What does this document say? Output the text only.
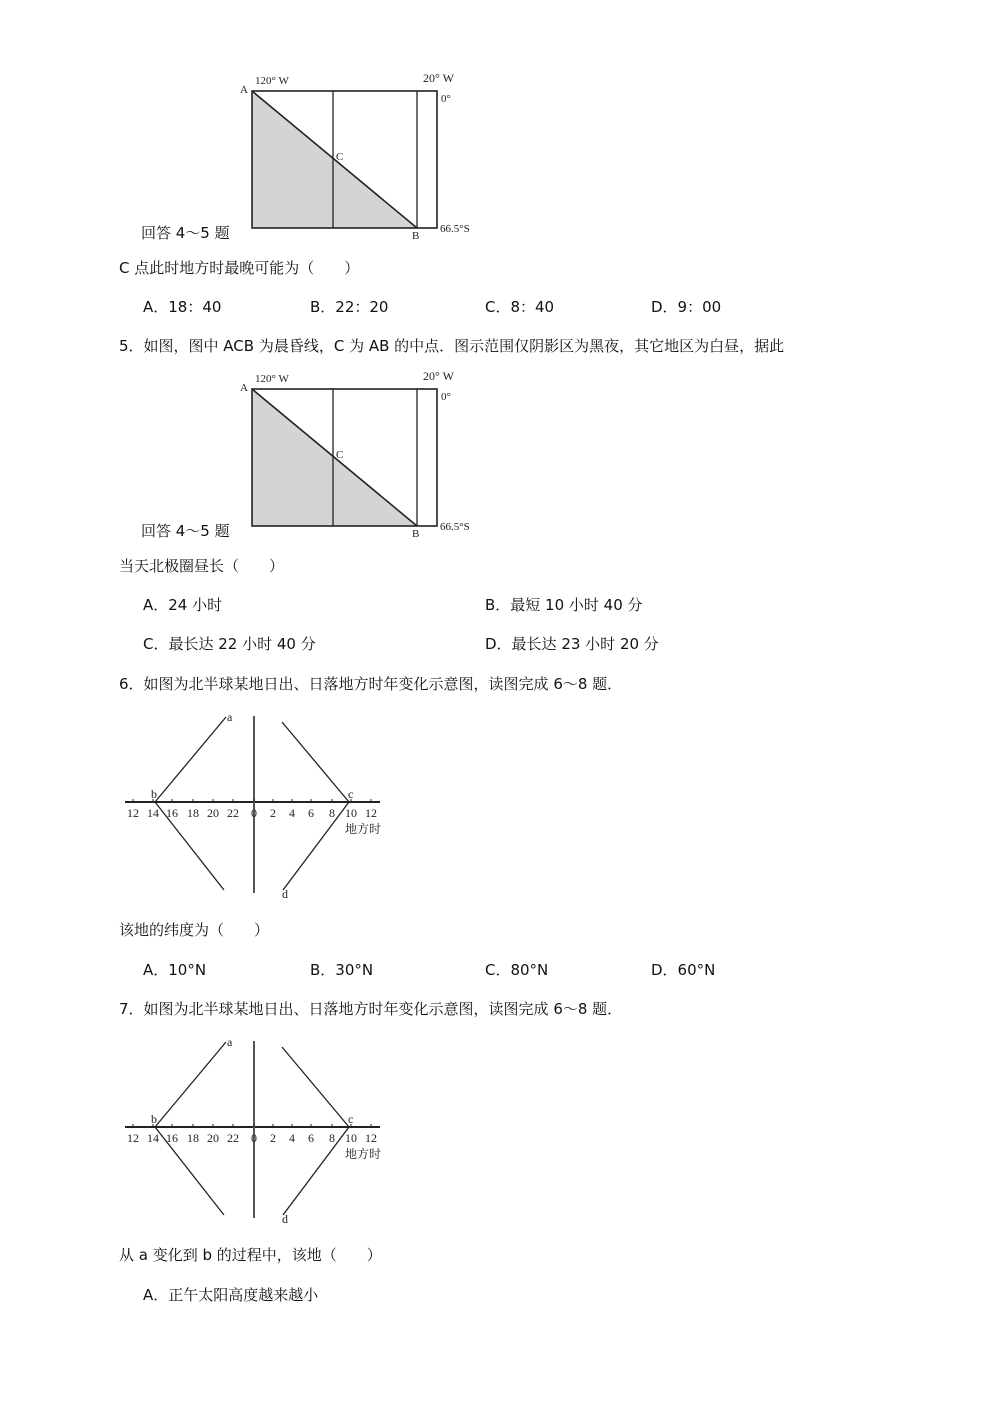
A
120° W	20° W
0°
C
66.5°S
B
A
120° W	20° W
0°
C
66.5°S
B
12 14 16 18 20 22 0 2 4 6 8 10 12
a
b	c
d
地方时
12 14 16 18 20 22 0 2 4 6 8 10 12
a
b	c
d
地方时
回答 4～5 题
C 点此时地方时最晚可能为（　　）
A．18：40	B．22：20	C．8：40	D．9：00
5．如图，图中 ACB 为晨昏线，C 为 AB 的中点．图示范围仅阴影区为黑夜，其它地区为白昼，据此
回答 4～5 题
当天北极圈昼长（　　）
A．24 小时	B．最短 10 小时 40 分
C．最长达 22 小时 40 分	D．最长达 23 小时 20 分
6．如图为北半球某地日出、日落地方时年变化示意图，读图完成 6～8 题．
该地的纬度为（　　）
A．10°N	B．30°N	C．80°N	D．60°N
7．如图为北半球某地日出、日落地方时年变化示意图，读图完成 6～8 题．
从 a 变化到 b 的过程中，该地（　　）
A．正午太阳高度越来越小
